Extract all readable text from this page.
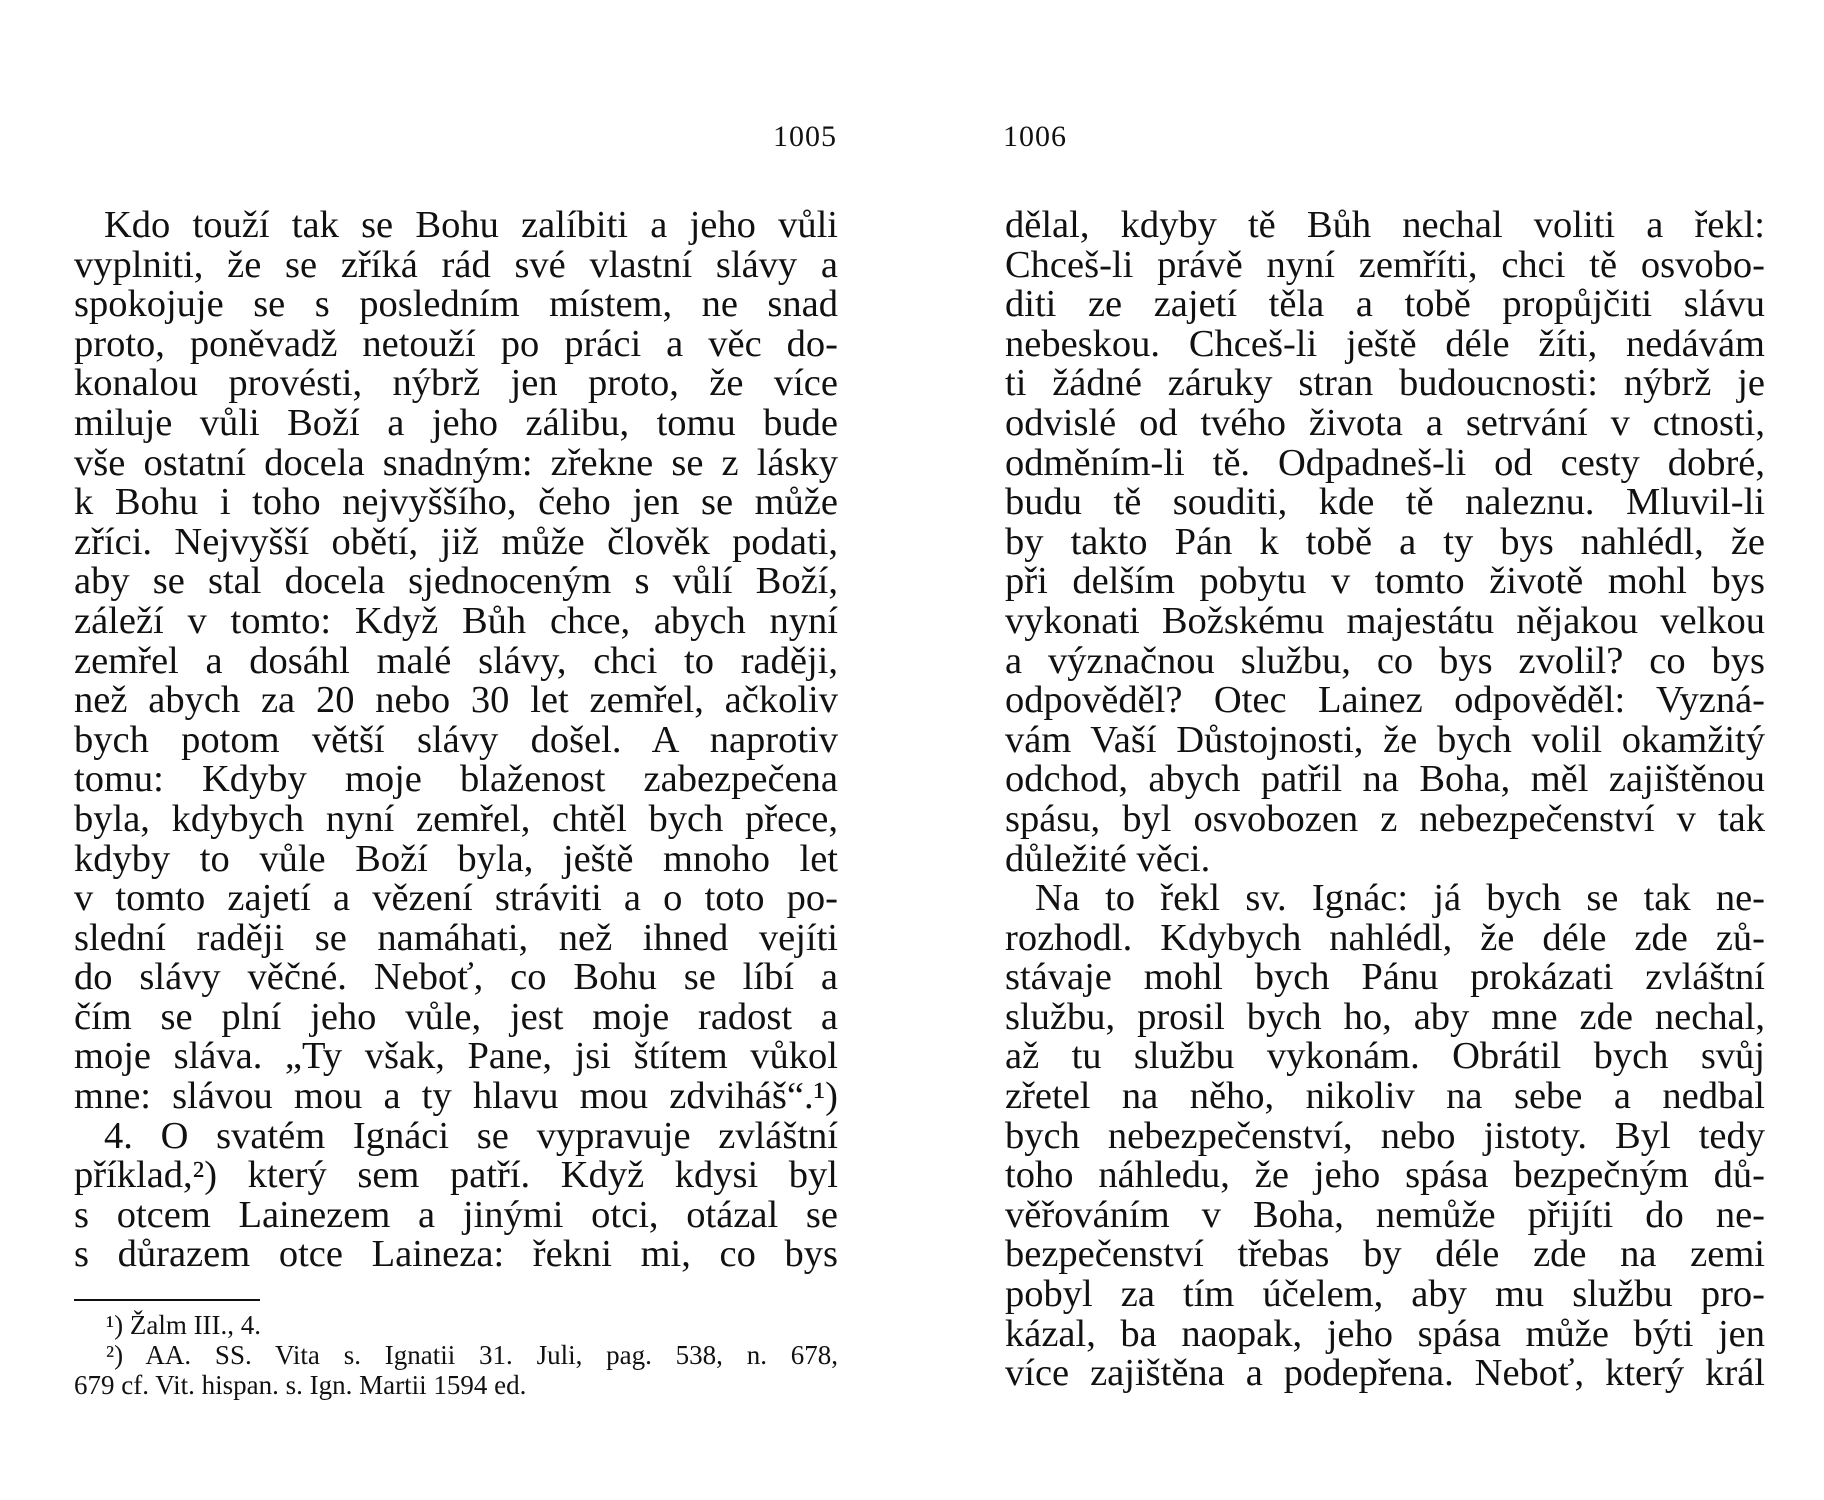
1005	1006
Kdo touží tak se Bohu zalíbiti a jeho vůli
vyplniti, že se zříká rád své vlastní slávy a
spokojuje se s posledním místem, ne snad
proto, poněvadž netouží po práci a věc do-
konalou provésti, nýbrž jen proto, že více
miluje vůli Boží a jeho zálibu, tomu bude
vše ostatní docela snadným: zřekne se z lásky
k Bohu i toho nejvyššího, čeho jen se může
zříci. Nejvyšší obětí, již může člověk podati,
aby se stal docela sjednoceným s vůlí Boží,
záleží v tomto: Když Bůh chce, abych nyní
zemřel a dosáhl malé slávy, chci to raději,
než abych za 20 nebo 30 let zemřel, ačkoliv
bych potom větší slávy došel. A naprotiv
tomu: Kdyby moje blaženost zabezpečena
byla, kdybych nyní zemřel, chtěl bych přece,
kdyby to vůle Boží byla, ještě mnoho let
v tomto zajetí a vězení stráviti a o toto po-
slední raději se namáhati, než ihned vejíti
do slávy věčné. Neboť, co Bohu se líbí a
čím se plní jeho vůle, jest moje radost a
moje sláva. „Ty však, Pane, jsi štítem vůkol
mne: slávou mou a ty hlavu mou zdviháš“.¹)
4. O svatém Ignáci se vypravuje zvláštní
příklad,²) který sem patří. Když kdysi byl
s otcem Lainezem a jinými otci, otázal se
s důrazem otce Laineza: řekni mi, co bys
¹) Žalm III., 4.
²) AA. SS. Vita s. Ignatii 31. Juli, pag. 538, n. 678,
679 cf. Vit. hispan. s. Ign. Martii 1594 ed.
dělal, kdyby tě Bůh nechal voliti a řekl:
Chceš-li právě nyní zemříti, chci tě osvobo-
diti ze zajetí těla a tobě propůjčiti slávu
nebeskou. Chceš-li ještě déle žíti, nedávám
ti žádné záruky stran budoucnosti: nýbrž je
odvislé od tvého života a setrvání v ctnosti,
odměním-li tě. Odpadneš-li od cesty dobré,
budu tě souditi, kde tě naleznu. Mluvil-li
by takto Pán k tobě a ty bys nahlédl, že
při delším pobytu v tomto životě mohl bys
vykonati Božskému majestátu nějakou velkou
a význačnou službu, co bys zvolil? co bys
odpověděl? Otec Lainez odpověděl: Vyzná-
vám Vaší Důstojnosti, že bych volil okamžitý
odchod, abych patřil na Boha, měl zajištěnou
spásu, byl osvobozen z nebezpečenství v tak
důležité věci.
Na to řekl sv. Ignác: já bych se tak ne-
rozhodl. Kdybych nahlédl, že déle zde zů-
stávaje mohl bych Pánu prokázati zvláštní
službu, prosil bych ho, aby mne zde nechal,
až tu službu vykonám. Obrátil bych svůj
zřetel na něho, nikoliv na sebe a nedbal
bych nebezpečenství, nebo jistoty. Byl tedy
toho náhledu, že jeho spása bezpečným dů-
věřováním v Boha, nemůže přijíti do ne-
bezpečenství třebas by déle zde na zemi
pobyl za tím účelem, aby mu službu pro-
kázal, ba naopak, jeho spása může býti jen
více zajištěna a podepřena. Neboť, který král
